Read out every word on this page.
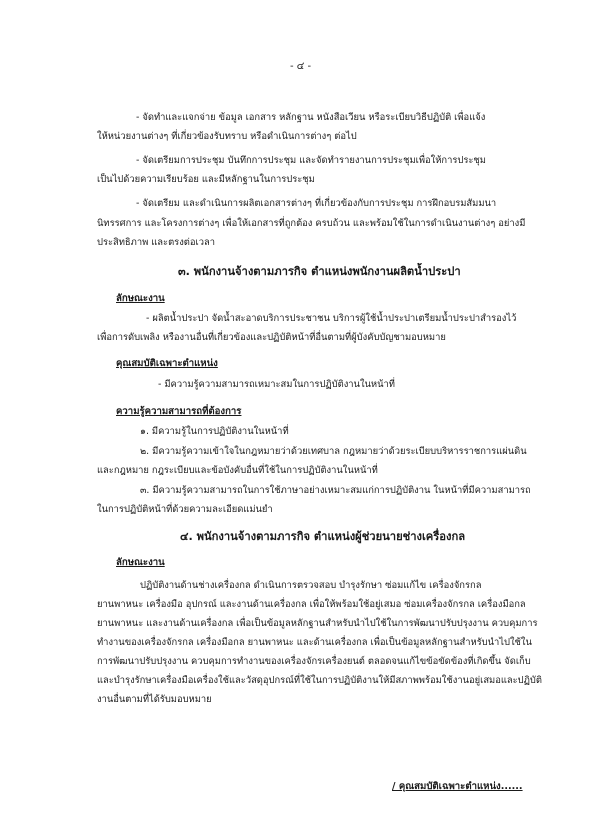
- ๔ -

- จัดทำและแจกจ่าย ข้อมูล เอกสาร หลักฐาน หนังสือเวียน หรือระเบียบวิธีปฏิบัติ เพื่อแจ้ง

ให้หน่วยงานต่างๆ ที่เกี่ยวข้องรับทราบ หรือดำเนินการต่างๆ ต่อไป

- จัดเตรียมการประชุม บันทึกการประชุม และจัดทำรายงานการประชุมเพื่อให้การประชุม

เป็นไปด้วยความเรียบร้อย และมีหลักฐานในการประชุม

- จัดเตรียม และดำเนินการผลิตเอกสารต่างๆ ที่เกี่ยวข้องกับการประชุม การฝึกอบรมสัมมนา

นิทรรศการ และโครงการต่างๆ เพื่อให้เอกสารที่ถูกต้อง ครบถ้วน และพร้อมใช้ในการดำเนินงานต่างๆ อย่างมี

ประสิทธิภาพ และตรงต่อเวลา

๓. พนักงานจ้างตามภารกิจ ตำแหน่งพนักงานผลิตน้ำประปา

ลักษณะงาน

- ผลิตน้ำประปา จัดน้ำสะอาดบริการประชาชน บริการผู้ใช้น้ำประปาเตรียมน้ำประปาสำรองไว้

เพื่อการดับเพลิง หรืองานอื่นที่เกี่ยวข้องและปฏิบัติหน้าที่อื่นตามที่ผู้บังคับบัญชามอบหมาย

คุณสมบัติเฉพาะตำแหน่ง

- มีความรู้ความสามารถเหมาะสมในการปฏิบัติงานในหน้าที่

ความรู้ความสามารถที่ต้องการ

๑. มีความรู้ในการปฏิบัติงานในหน้าที่

๒. มีความรู้ความเข้าใจในกฎหมายว่าด้วยเทศบาล กฎหมายว่าด้วยระเบียบบริหารราชการแผ่นดิน

และกฎหมาย กฎระเบียบและข้อบังคับอื่นที่ใช้ในการปฏิบัติงานในหน้าที่

๓. มีความรู้ความสามารถในการใช้ภาษาอย่างเหมาะสมแก่การปฏิบัติงาน ในหน้าที่มีความสามารถ

ในการปฏิบัติหน้าที่ด้วยความละเอียดแม่นยำ

๔. พนักงานจ้างตามภารกิจ ตำแหน่งผู้ช่วยนายช่างเครื่องกล

ลักษณะงาน

ปฏิบัติงานด้านช่างเครื่องกล ดำเนินการตรวจสอบ บำรุงรักษา ซ่อมแก้ไข เครื่องจักรกล

ยานพาหนะ เครื่องมือ อุปกรณ์ และงานด้านเครื่องกล เพื่อให้พร้อมใช้อยู่เสมอ ซ่อมเครื่องจักรกล เครื่องมือกล

ยานพาหนะ และงานด้านเครื่องกล เพื่อเป็นข้อมูลหลักฐานสำหรับนำไปใช้ในการพัฒนาปรับปรุงงาน ควบคุมการ

ทำงานของเครื่องจักรกล เครื่องมือกล ยานพาหนะ และด้านเครื่องกล เพื่อเป็นข้อมูลหลักฐานสำหรับนำไปใช้ใน

การพัฒนาปรับปรุงงาน ควบคุมการทำงานของเครื่องจักรเครื่องยนต์ ตลอดจนแก้ไขข้อขัดข้องที่เกิดขึ้น จัดเก็บ

และบำรุงรักษาเครื่องมือเครื่องใช้และวัสดุอุปกรณ์ที่ใช้ในการปฏิบัติงานให้มีสภาพพร้อมใช้งานอยู่เสมอและปฏิบัติ

งานอื่นตามที่ได้รับมอบหมาย

/ คุณสมบัติเฉพาะตำแหน่ง......
